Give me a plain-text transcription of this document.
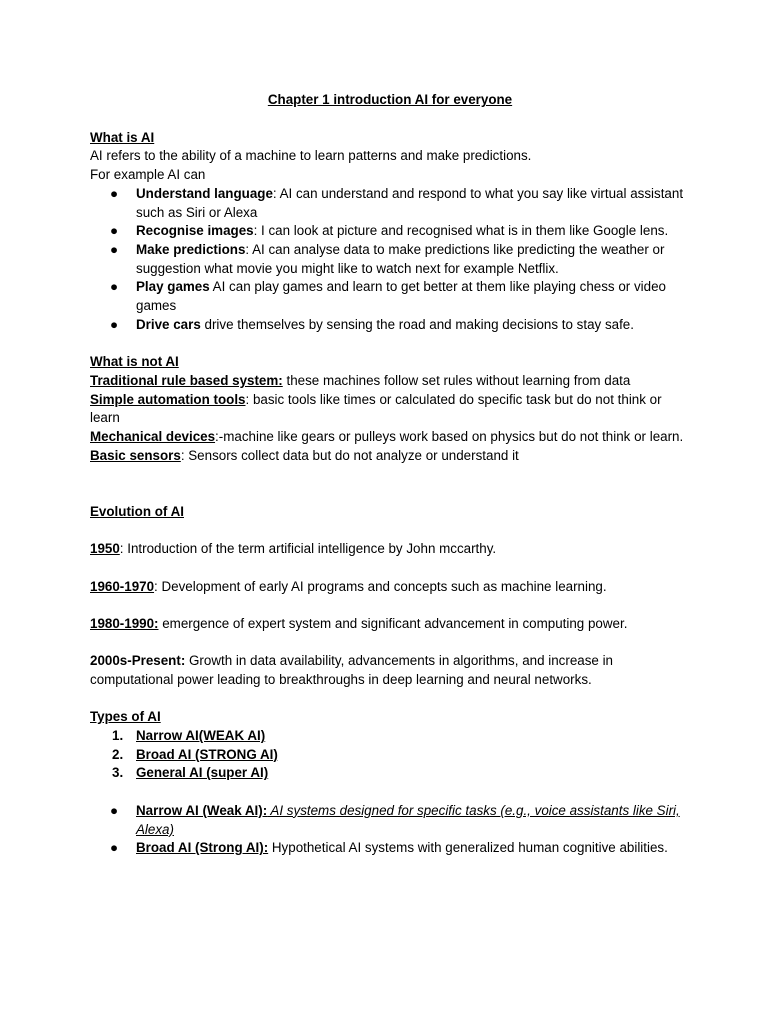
Chapter 1 introduction AI for everyone

What is AI

AI refers to the ability of a machine to learn patterns and make predictions.

For example AI can

●	Understand language: AI can understand and respond to what you say like virtual assistant such as Siri or Alexa
●	Recognise images: I can look at picture and recognised what is in them like Google lens.
●	Make predictions: AI can analyse data to make predictions like predicting the weather or suggestion what movie you might like to watch next for example Netflix.
●	Play games AI can play games and learn to get better at them like playing chess or video games
●	Drive cars drive themselves by sensing the road and making decisions to stay safe.

What is not AI

Traditional rule based system: these machines follow set rules without learning from data

Simple automation tools: basic tools like times or calculated do specific task but do not think or learn

Mechanical devices:-machine like gears or pulleys work based on physics but do not think or learn.

Basic sensors: Sensors collect data but do not analyze or understand it

Evolution of AI

1950: Introduction of the term artificial intelligence by John mccarthy.

1960-1970: Development of early AI programs and concepts such as machine learning.

1980-1990: emergence of expert system and significant advancement in computing power.

2000s-Present: Growth in data availability, advancements in algorithms, and increase in computational power leading to breakthroughs in deep learning and neural networks.

Types of AI

1. Narrow AI(WEAK AI)
2. Broad AI (STRONG AI)
3. General AI (super AI)
●	Narrow AI (Weak AI): AI systems designed for specific tasks (e.g., voice assistants like Siri, Alexa)
●	Broad AI (Strong AI): Hypothetical AI systems with generalized human cognitive abilities.
